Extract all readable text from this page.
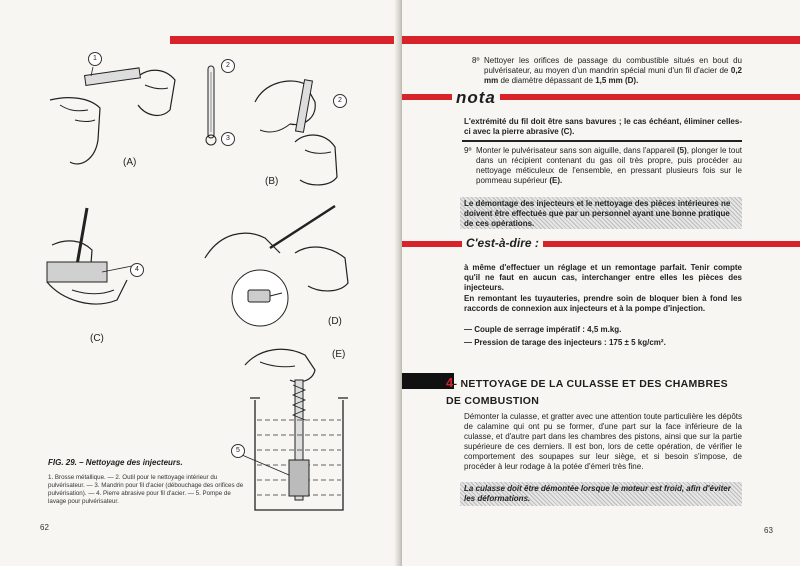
1
(A)
2
3
2
(B)
4
(C)
(D)
(E)
5
FIG. 29. – Nettoyage des injecteurs.
1. Brosse métallique. — 2. Outil pour le nettoyage intérieur du pulvérisateur. — 3. Mandrin pour fil d'acier (débouchage des orifices de pulvérisation). — 4. Pierre abrasive pour fil d'acier. — 5. Pompe de lavage pour pulvérisateur.
62
8º Nettoyer les orifices de passage du combustible situés en bout du pulvérisateur, au moyen d'un mandrin spécial muni d'un fil d'acier de 0,2 mm de diamètre dépassant de 1,5 mm (D).
nota
L'extrémité du fil doit être sans bavures ; le cas échéant, éliminer celles-ci avec la pierre abrasive (C).
9º Monter le pulvérisateur sans son aiguille, dans l'appareil (5), plonger le tout dans un récipient contenant du gas oil très propre, puis procéder au nettoyage méticuleux de l'ensemble, en pressant plusieurs fois sur le pommeau supérieur (E).
Le démontage des injecteurs et le nettoyage des pièces intérieures ne doivent être effectués que par un personnel ayant une bonne pratique de ces opérations.
C'est-à-dire :
à même d'effectuer un réglage et un remontage parfait. Tenir compte qu'il ne faut en aucun cas, interchanger entre elles les pièces des injecteurs.
En remontant les tuyauteries, prendre soin de bloquer bien à fond les raccords de connexion aux injecteurs et à la pompe d'injection.
— Couple de serrage impératif : 4,5 m.kg.
— Pression de tarage des injecteurs : 175 ± 5 kg/cm².
4- NETTOYAGE DE LA CULASSE ET DES CHAMBRES DE COMBUSTION
Démonter la culasse, et gratter avec une attention toute particulière les dépôts de calamine qui ont pu se former, d'une part sur la face inférieure de la culasse, et d'autre part dans les chambres des pistons, ainsi que sur la partie supérieure de ces derniers. Il est bon, lors de cette opération, de vérifier le comportement des soupapes sur leur siège, et si besoin s'impose, de procéder à leur rodage à la potée d'émeri très fine.
La culasse doit être démontée lorsque le moteur est froid, afin d'éviter les déformations.
63
